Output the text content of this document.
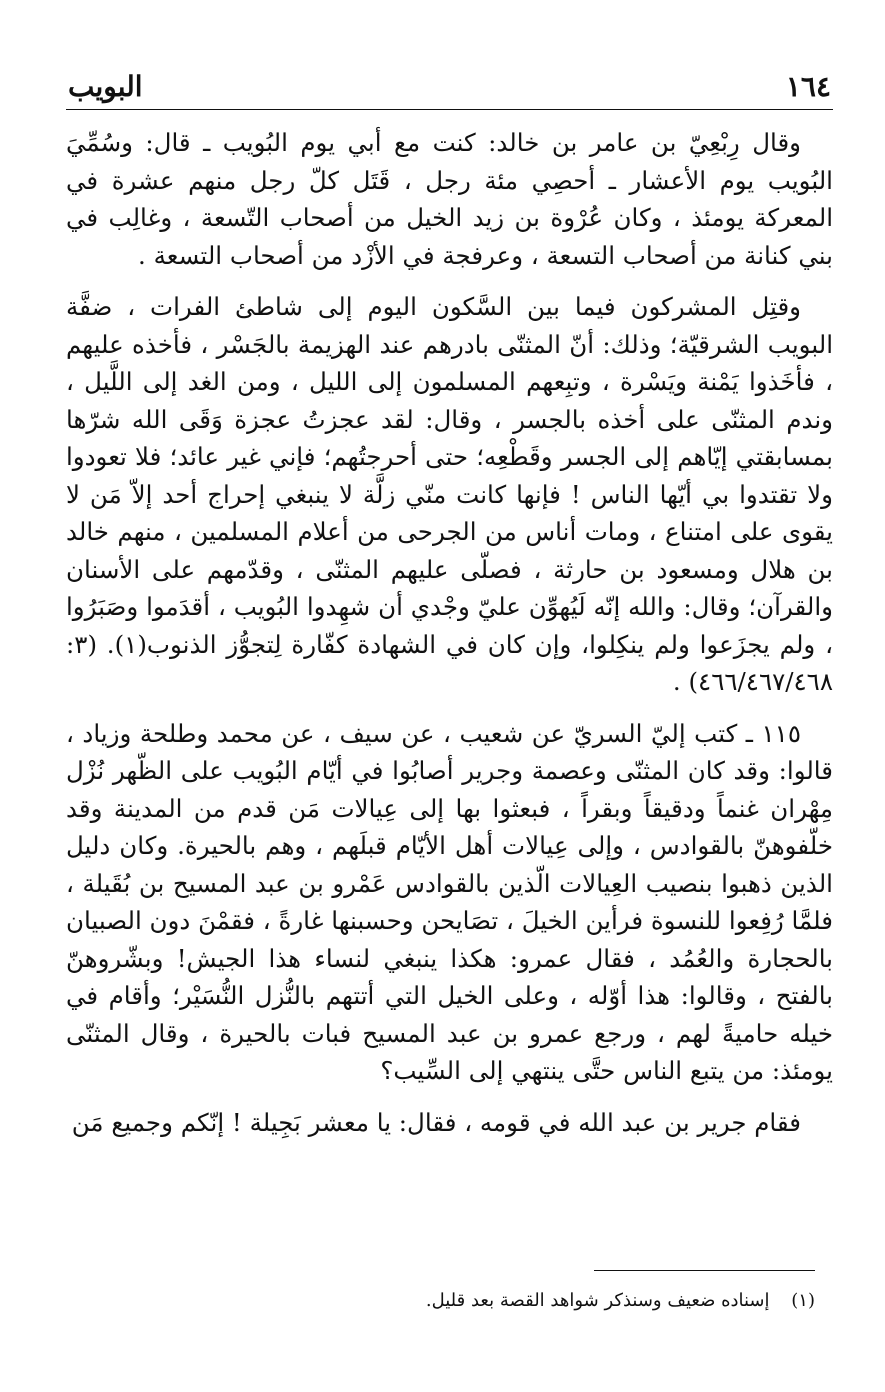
١٦٤
البويب

وقال رِبْعِيّ بن عامر بن خالد: كنت مع أبي يوم البُويب ـ قال: وسُمِّيَ البُويب يوم الأعشار ـ أحصِي مئة رجل ، قَتَل كلّ رجل منهم عشرة في المعركة يومئذ ، وكان عُرْوة بن زيد الخيل من أصحاب التّسعة ، وغالِب في بني كنانة من أصحاب التسعة ، وعرفجة في الأزْد من أصحاب التسعة .

وقتِل المشركون فيما بين السَّكون اليوم إلى شاطئ الفرات ، ضفَّة البويب الشرقيّة؛ وذلك: أنّ المثنّى بادرهم عند الهزيمة بالجَسْر ، فأخذه عليهم ، فأخَذوا يَمْنة ويَسْرة ، وتبِعهم المسلمون إلى الليل ، ومن الغد إلى اللَّيل ، وندم المثنّى على أخذه بالجسر ، وقال: لقد عجزتُ عجزة وَقَى الله شرّها بمسابقتي إيّاهم إلى الجسر وقَطْعِه؛ حتى أحرجتُهم؛ فإني غير عائد؛ فلا تعودوا ولا تقتدوا بي أيّها الناس ! فإنها كانت منّي زلَّة لا ينبغي إحراج أحد إلاّ مَن لا يقوى على امتناع ، ومات أناس من الجرحى من أعلام المسلمين ، منهم خالد بن هلال ومسعود بن حارثة ، فصلّى عليهم المثنّى ، وقدّمهم على الأسنان والقرآن؛ وقال: والله إنّه لَيُهوِّن عليّ وجْدي أن شهِدوا البُويب ، أقدَموا وصَبَرُوا ، ولم يجزَعوا ولم ينكِلوا، وإن كان في الشهادة كفّارة لِتجوُّز الذنوب(١). (٣: ٤٦٦/٤٦٧/٤٦٨) .

١١٥ ـ كتب إليّ السريّ عن شعيب ، عن سيف ، عن محمد وطلحة وزياد ، قالوا: وقد كان المثنّى وعصمة وجرير أصابُوا في أيّام البُويب على الظّهر نُزْل مِهْران غنماً ودقيقاً وبقراً ، فبعثوا بها إلى عِيالات مَن قدم من المدينة وقد خلّفوهنّ بالقوادس ، وإلى عِيالات أهل الأيّام قبلَهم ، وهم بالحيرة. وكان دليل الذين ذهبوا بنصيب العِيالات الّذين بالقوادس عَمْرو بن عبد المسيح بن بُقَيلة ، فلمَّا رُفِعوا للنسوة فرأين الخيلَ ، تصَايحن وحسبنها غارةً ، فقمْنَ دون الصبيان بالحجارة والعُمُد ، فقال عمرو: هكذا ينبغي لنساء هذا الجيش! وبشّروهنّ بالفتح ، وقالوا: هذا أوّله ، وعلى الخيل التي أتتهم بالنُّزل النُّسَيْر؛ وأقام في خيله حاميةً لهم ، ورجع عمرو بن عبد المسيح فبات بالحيرة ، وقال المثنّى يومئذ: من يتبع الناس حتَّى ينتهي إلى السِّيب؟

فقام جرير بن عبد الله في قومه ، فقال: يا معشر بَجِيلة ! إنّكم وجميع مَن

(١) إسناده ضعيف وسنذكر شواهد القصة بعد قليل.
